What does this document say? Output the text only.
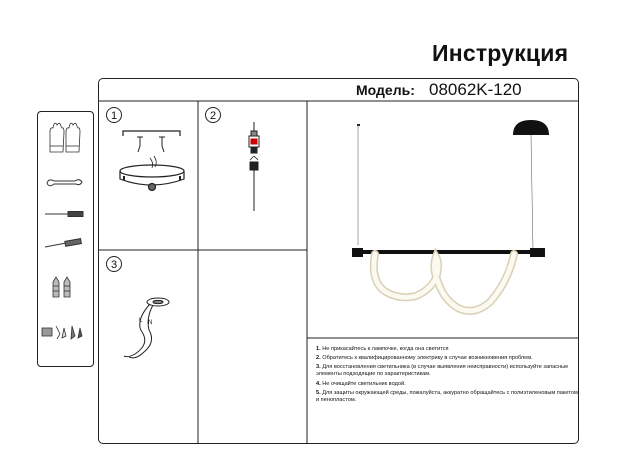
Инструкция
Модель: 08062K-120
1	2
3
L N
1. Не прикасайтесь к лампочке, когда она светится
2. Обратитесь к квалифицированному электрику в случае возникновения проблем.
3. Для восстановления светильника (в случае выявления неисправности) используйте запасные элементы подходящие по характеристикам.
4. Не очищайте светильник водой.
5. Для защиты окружающей среды, пожалуйста, аккуратно обращайтесь с полиэтиленовым пакетом и пенопластом.
